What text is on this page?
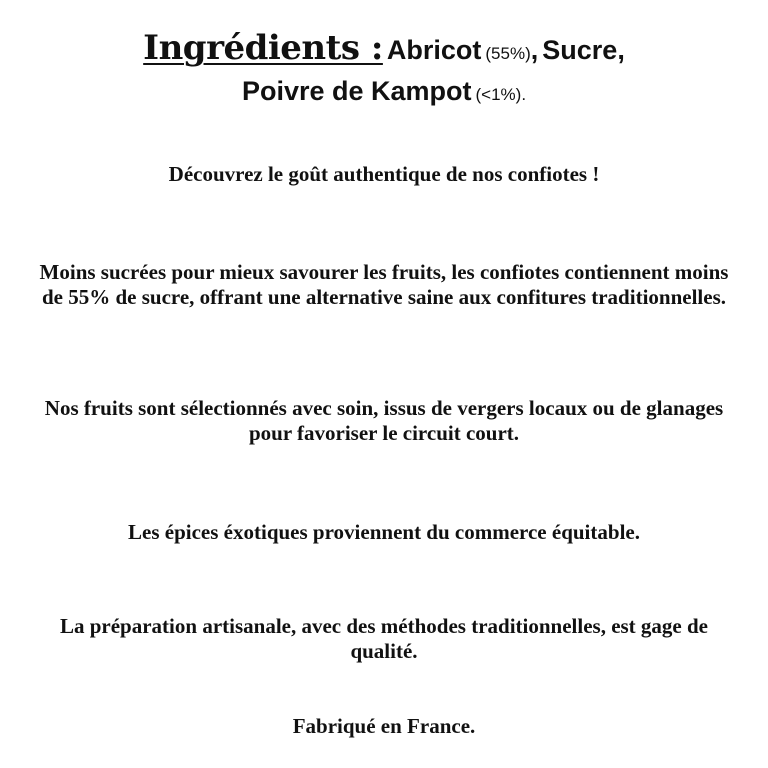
Ingrédients : Abricot (55%), Sucre,
Poivre de Kampot (<1%).

Découvrez le goût authentique de nos confiotes !

Moins sucrées pour mieux savourer les fruits, les confiotes contiennent moins de 55% de sucre, offrant une alternative saine aux confitures traditionnelles.

Nos fruits sont sélectionnés avec soin, issus de vergers locaux ou de glanages pour favoriser le circuit court.

Les épices éxotiques proviennent du commerce équitable.

La préparation artisanale, avec des méthodes traditionnelles, est gage de qualité.

Fabriqué en France.
